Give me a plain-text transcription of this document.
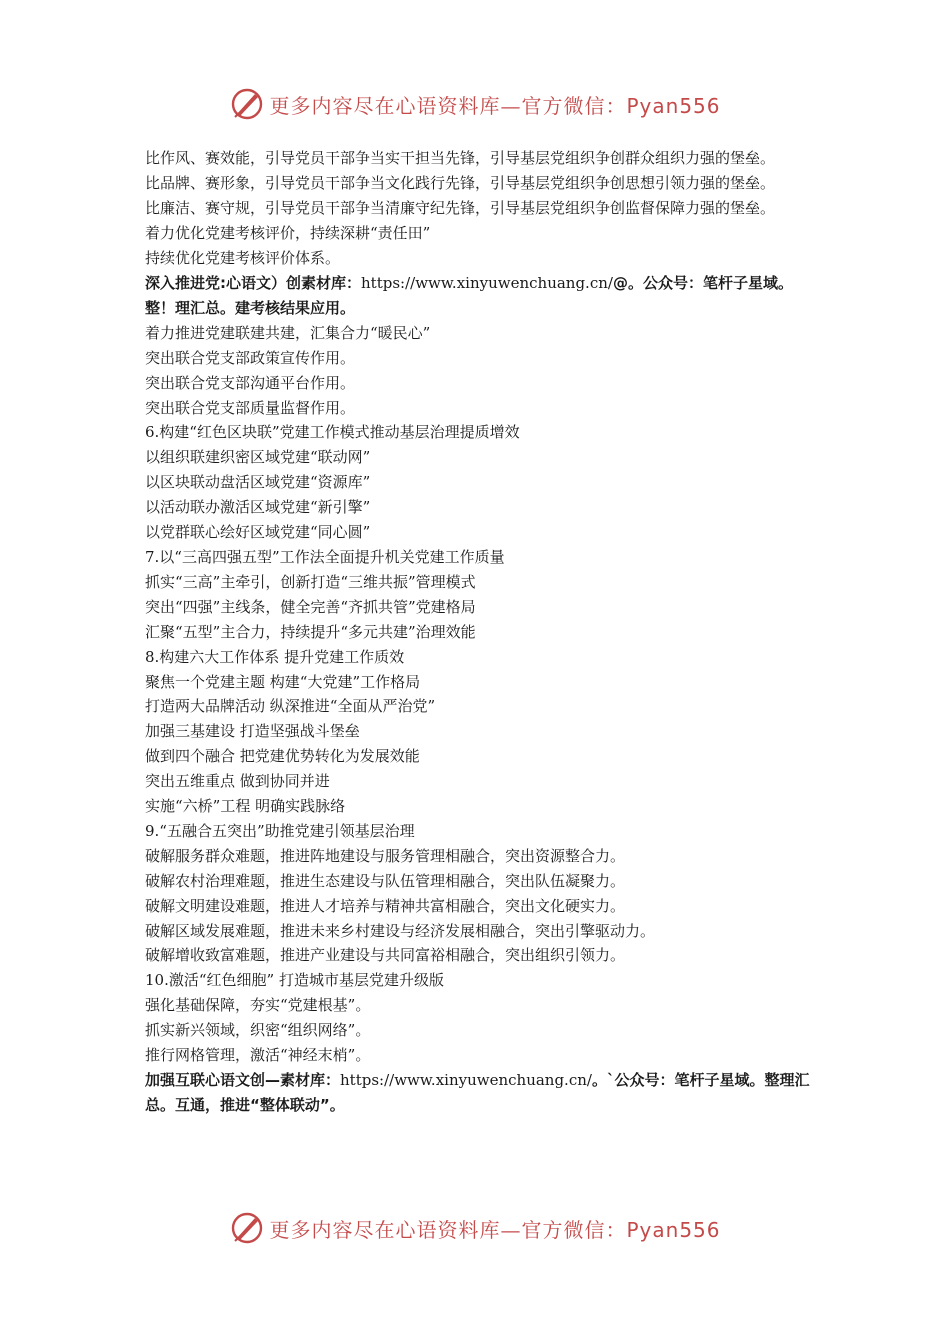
更多内容尽在心语资料库—官方微信：Pyan556
比作风、赛效能，引导党员干部争当实干担当先锋，引导基层党组织争创群众组织力强的堡垒。
比品牌、赛形象，引导党员干部争当文化践行先锋，引导基层党组织争创思想引领力强的堡垒。
比廉洁、赛守规，引导党员干部争当清廉守纪先锋，引导基层党组织争创监督保障力强的堡垒。
着力优化党建考核评价，持续深耕“责任田”
持续优化党建考核评价体系。
深入推进党:心语文）创素材库：https://www.xinyuwenchuang.cn/@。公众号：笔杆子星域。整！理汇总。建考核结果应用。
着力推进党建联建共建，汇集合力“暖民心”
突出联合党支部政策宣传作用。
突出联合党支部沟通平台作用。
突出联合党支部质量监督作用。
6.构建“红色区块联”党建工作模式推动基层治理提质增效
以组织联建织密区域党建“联动网”
以区块联动盘活区域党建“资源库”
以活动联办激活区域党建“新引擎”
以党群联心绘好区域党建“同心圆”
7.以“三高四强五型”工作法全面提升机关党建工作质量
抓实“三高”主牵引，创新打造“三维共振”管理模式
突出“四强”主线条，健全完善“齐抓共管”党建格局
汇聚“五型”主合力，持续提升“多元共建”治理效能
8.构建六大工作体系 提升党建工作质效
聚焦一个党建主题 构建“大党建”工作格局
打造两大品牌活动 纵深推进“全面从严治党”
加强三基建设 打造坚强战斗堡垒
做到四个融合 把党建优势转化为发展效能
突出五维重点 做到协同并进
实施“六桥”工程 明确实践脉络
9.“五融合五突出”助推党建引领基层治理
破解服务群众难题，推进阵地建设与服务管理相融合，突出资源整合力。
破解农村治理难题，推进生态建设与队伍管理相融合，突出队伍凝聚力。
破解文明建设难题，推进人才培养与精神共富相融合，突出文化硬实力。
破解区域发展难题，推进未来乡村建设与经济发展相融合，突出引擎驱动力。
破解增收致富难题，推进产业建设与共同富裕相融合，突出组织引领力。
10.激活“红色细胞” 打造城市基层党建升级版
强化基础保障，夯实“党建根基”。
抓实新兴领域，织密“组织网络”。
推行网格管理，激活“神经末梢”。
加强互联心语文创—素材库：https://www.xinyuwenchuang.cn/。`公众号：笔杆子星域。整理汇总。互通，推进“整体联动”。
更多内容尽在心语资料库—官方微信：Pyan556
